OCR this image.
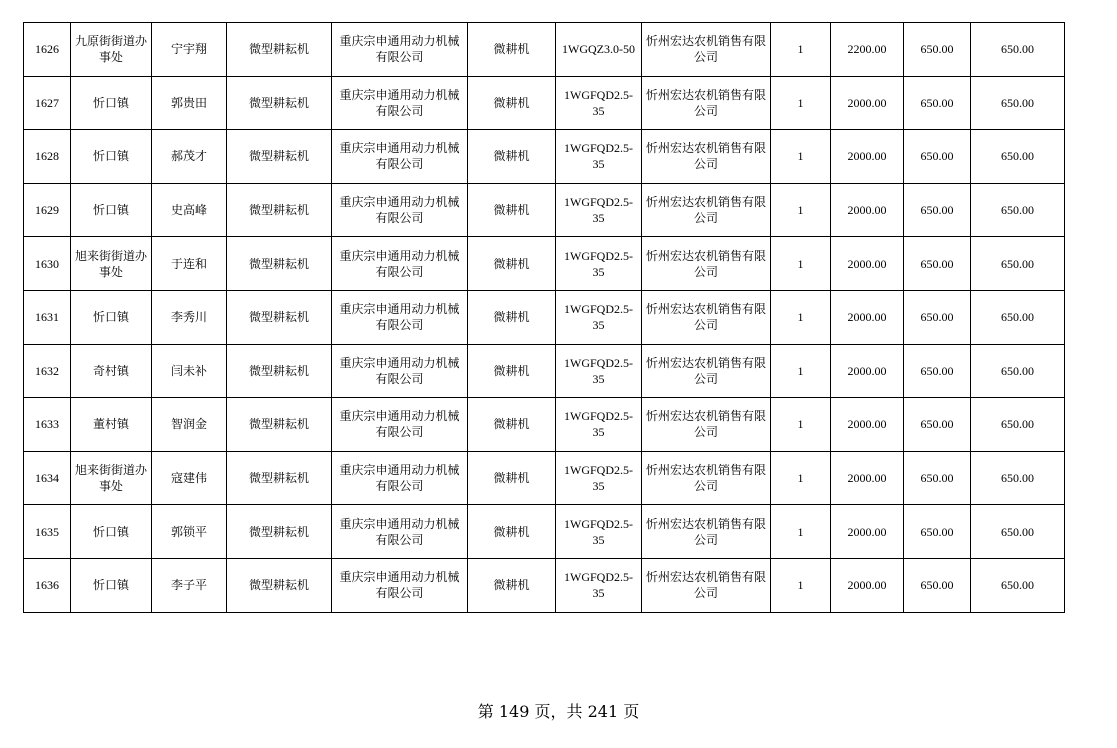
1626	九原街街道办事处	宁宇翔	微型耕耘机	重庆宗申通用动力机械有限公司	微耕机	1WGQZ3.0-50	忻州宏达农机销售有限公司	1	2200.00	650.00	650.00
1627	忻口镇	郭贵田	微型耕耘机	重庆宗申通用动力机械有限公司	微耕机	1WGFQD2.5-35	忻州宏达农机销售有限公司	1	2000.00	650.00	650.00
1628	忻口镇	郝茂才	微型耕耘机	重庆宗申通用动力机械有限公司	微耕机	1WGFQD2.5-35	忻州宏达农机销售有限公司	1	2000.00	650.00	650.00
1629	忻口镇	史高峰	微型耕耘机	重庆宗申通用动力机械有限公司	微耕机	1WGFQD2.5-35	忻州宏达农机销售有限公司	1	2000.00	650.00	650.00
1630	旭来街街道办事处	于连和	微型耕耘机	重庆宗申通用动力机械有限公司	微耕机	1WGFQD2.5-35	忻州宏达农机销售有限公司	1	2000.00	650.00	650.00
1631	忻口镇	李秀川	微型耕耘机	重庆宗申通用动力机械有限公司	微耕机	1WGFQD2.5-35	忻州宏达农机销售有限公司	1	2000.00	650.00	650.00
1632	奇村镇	闫未补	微型耕耘机	重庆宗申通用动力机械有限公司	微耕机	1WGFQD2.5-35	忻州宏达农机销售有限公司	1	2000.00	650.00	650.00
1633	董村镇	智润金	微型耕耘机	重庆宗申通用动力机械有限公司	微耕机	1WGFQD2.5-35	忻州宏达农机销售有限公司	1	2000.00	650.00	650.00
1634	旭来街街道办事处	寇建伟	微型耕耘机	重庆宗申通用动力机械有限公司	微耕机	1WGFQD2.5-35	忻州宏达农机销售有限公司	1	2000.00	650.00	650.00
1635	忻口镇	郭锁平	微型耕耘机	重庆宗申通用动力机械有限公司	微耕机	1WGFQD2.5-35	忻州宏达农机销售有限公司	1	2000.00	650.00	650.00
1636	忻口镇	李子平	微型耕耘机	重庆宗申通用动力机械有限公司	微耕机	1WGFQD2.5-35	忻州宏达农机销售有限公司	1	2000.00	650.00	650.00
第 149 页，共 241 页
